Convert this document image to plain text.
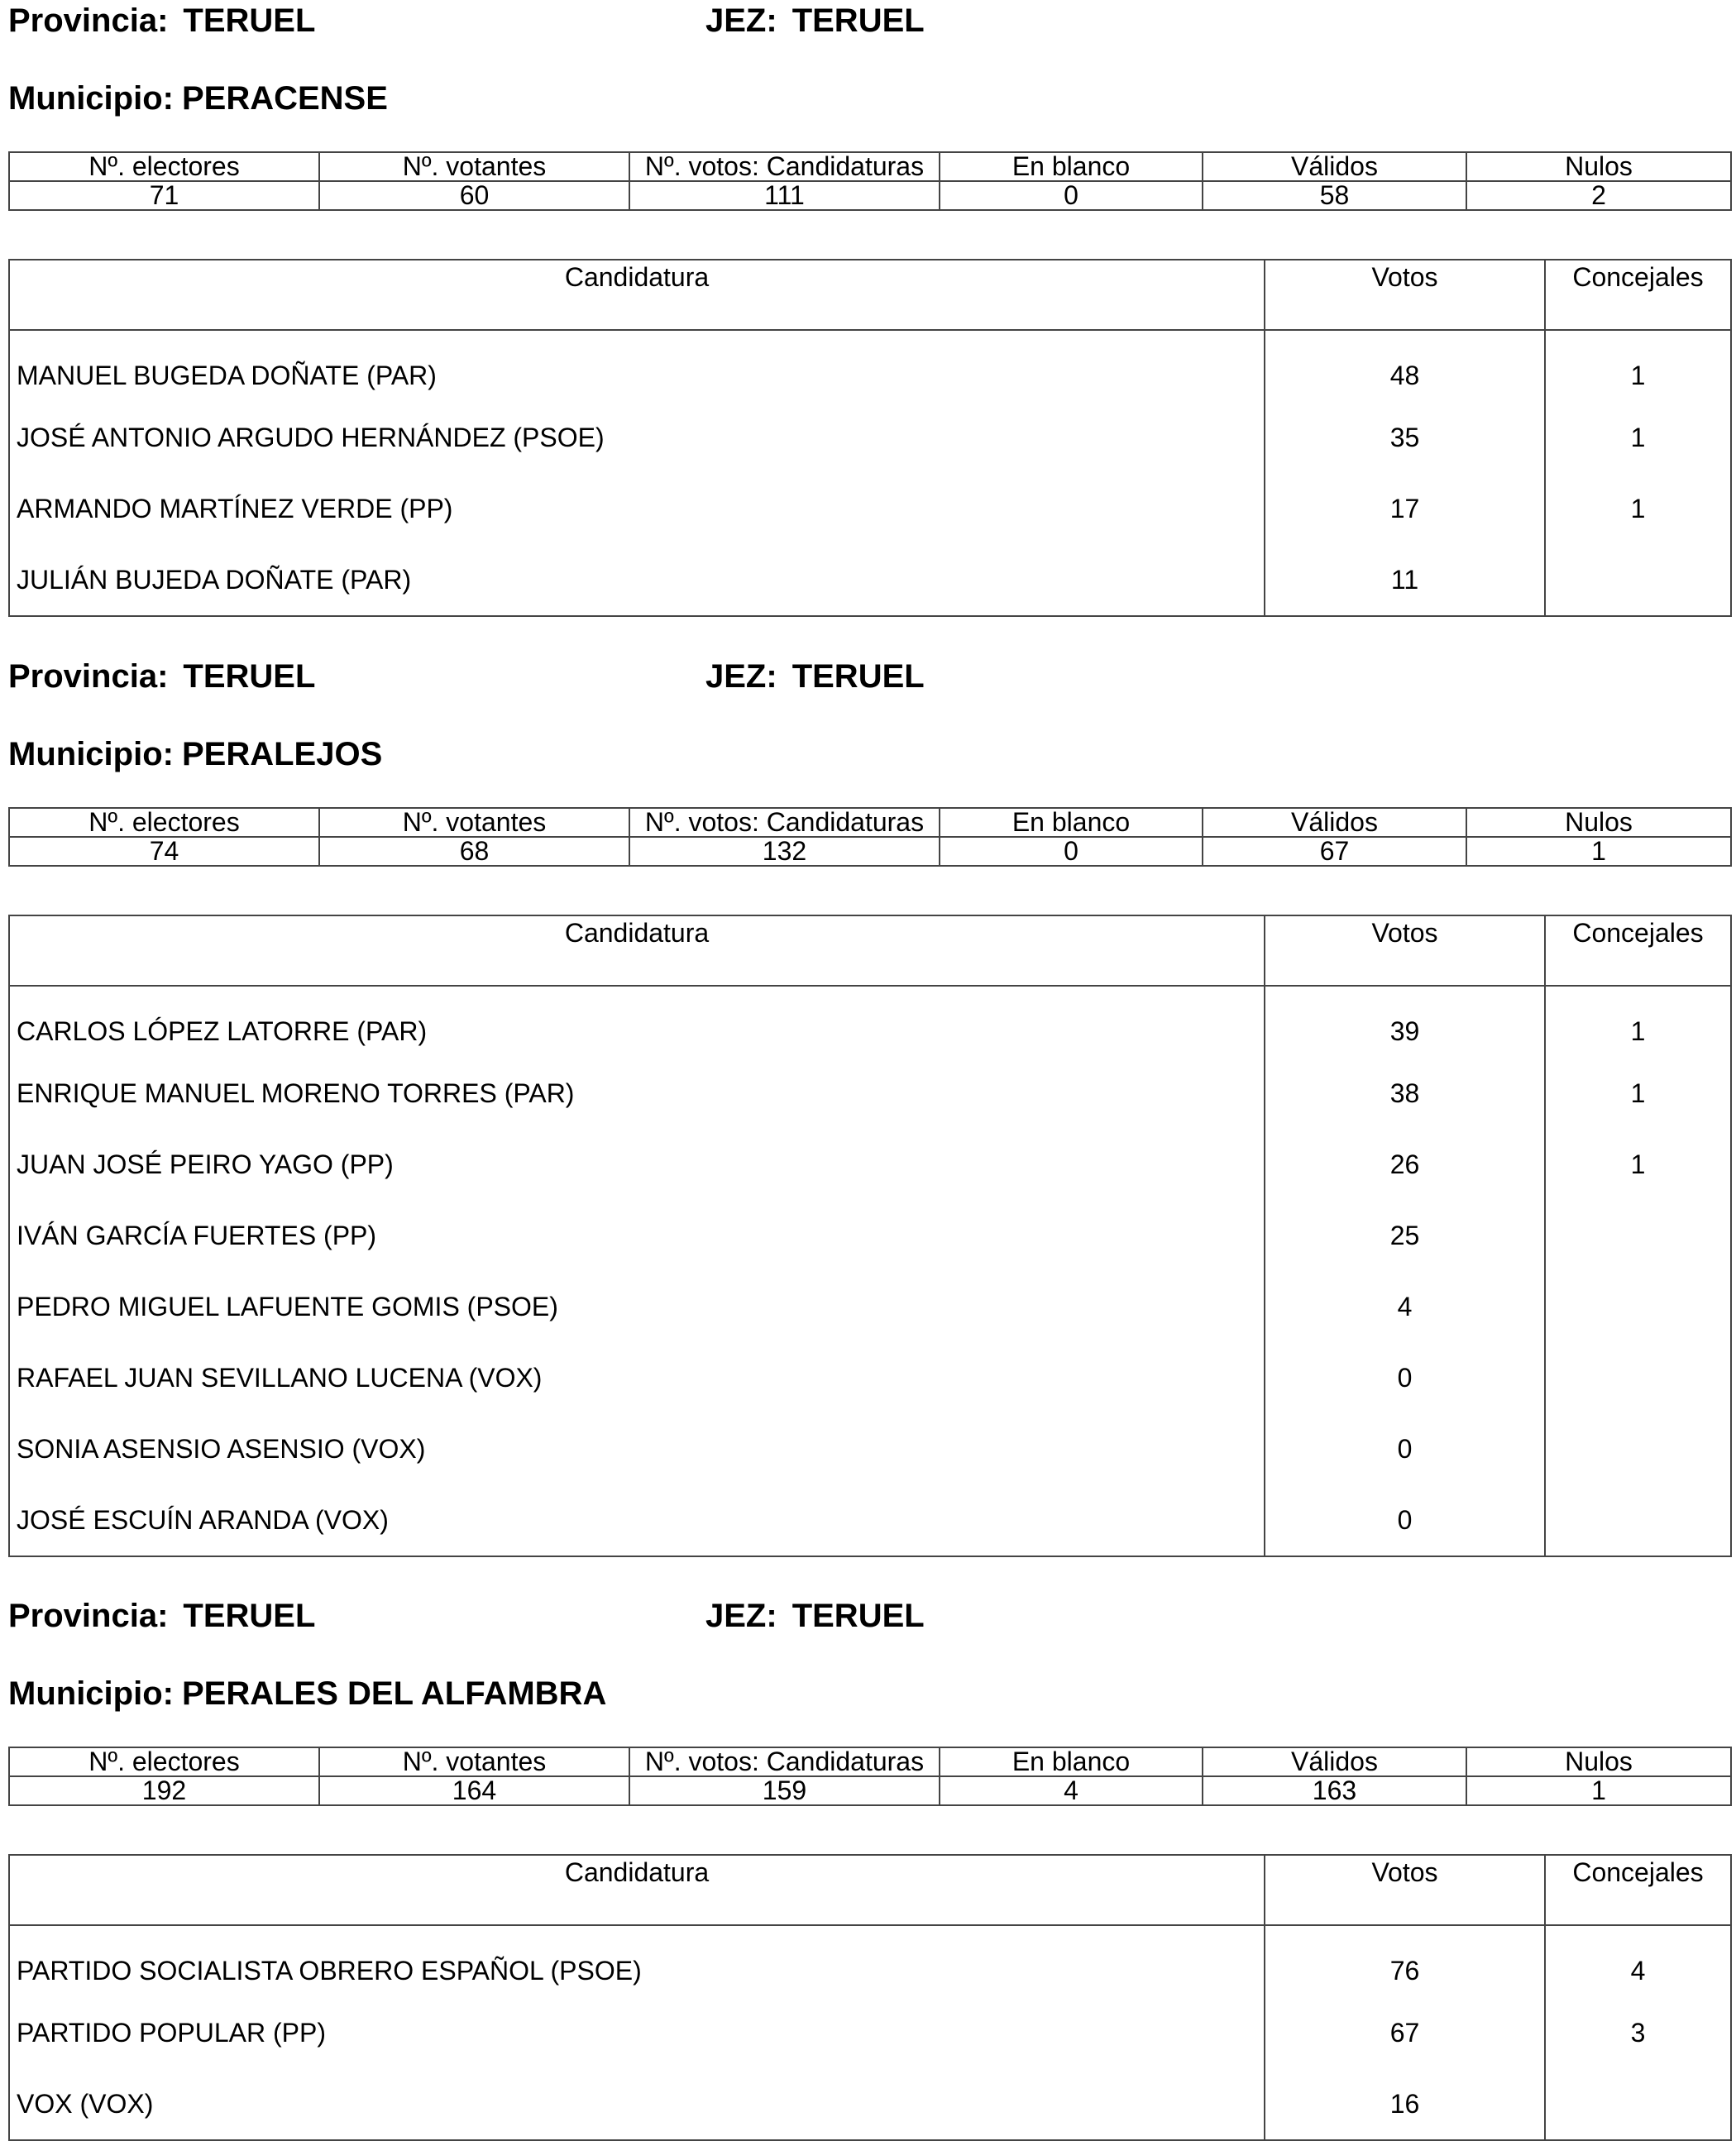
Provincia: TERUEL	JEZ: TERUEL
Municipio: PERACENSE
Nº. electores	Nº. votantes	Nº. votos: Candidaturas	En blanco	Válidos	Nulos
71	60	111	0	58	2
Candidatura	Votos	Concejales
MANUEL BUGEDA DOÑATE (PAR)	48	1
JOSÉ ANTONIO ARGUDO HERNÁNDEZ (PSOE)	35	1
ARMANDO MARTÍNEZ VERDE (PP)	17	1
JULIÁN BUJEDA DOÑATE (PAR)	11	
Provincia: TERUEL	JEZ: TERUEL
Municipio: PERALEJOS
Nº. electores	Nº. votantes	Nº. votos: Candidaturas	En blanco	Válidos	Nulos
74	68	132	0	67	1
Candidatura	Votos	Concejales
CARLOS LÓPEZ LATORRE (PAR)	39	1
ENRIQUE MANUEL MORENO TORRES (PAR)	38	1
JUAN JOSÉ PEIRO YAGO (PP)	26	1
IVÁN GARCÍA FUERTES (PP)	25	
PEDRO MIGUEL LAFUENTE GOMIS (PSOE)	4	
RAFAEL JUAN SEVILLANO LUCENA (VOX)	0	
SONIA ASENSIO ASENSIO (VOX)	0	
JOSÉ ESCUÍN ARANDA (VOX)	0	
Provincia: TERUEL	JEZ: TERUEL
Municipio: PERALES DEL ALFAMBRA
Nº. electores	Nº. votantes	Nº. votos: Candidaturas	En blanco	Válidos	Nulos
192	164	159	4	163	1
Candidatura	Votos	Concejales
PARTIDO SOCIALISTA OBRERO ESPAÑOL (PSOE)	76	4
PARTIDO POPULAR (PP)	67	3
VOX (VOX)	16	
